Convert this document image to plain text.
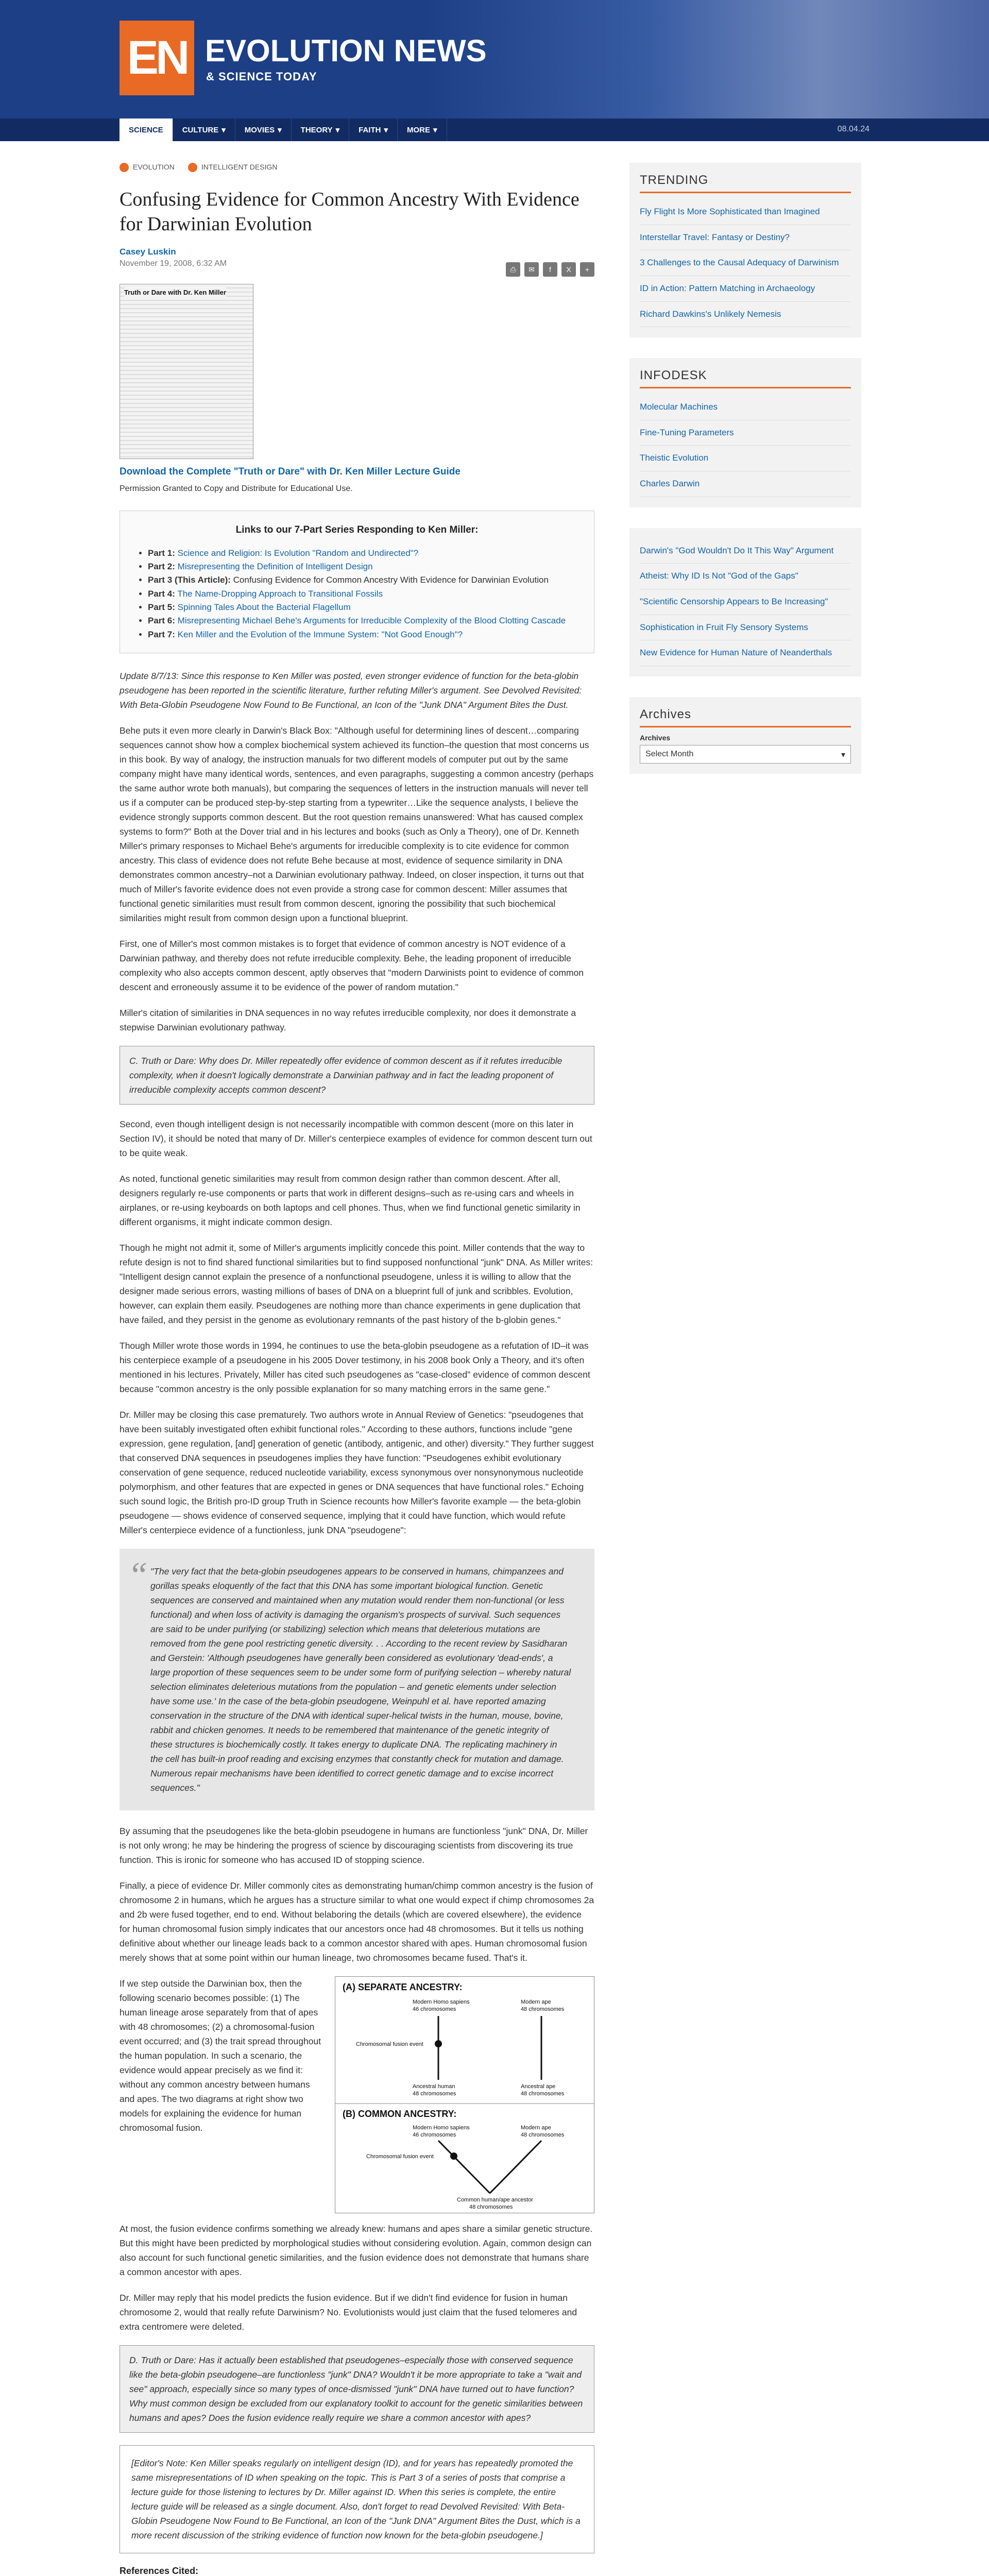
EN EVOLUTION NEWS
& SCIENCE TODAY
SCIENCE CULTURE ▾ MOVIES ▾ THEORY ▾ FAITH ▾ MORE ▾	08.04.24
EVOLUTION	INTELLIGENT DESIGN
Confusing Evidence for Common Ancestry With Evidence for Darwinian Evolution
Casey Luskin
November 19, 2008, 6:32 AM
⎙	✉	f	X	+
Truth or Dare with Dr. Ken Miller
Download the Complete "Truth or Dare" with Dr. Ken Miller Lecture Guide
Permission Granted to Copy and Distribute for Educational Use.
Links to our 7-Part Series Responding to Ken Miller:
• Part 1: Science and Religion: Is Evolution "Random and Undirected"?
• Part 2: Misrepresenting the Definition of Intelligent Design
• Part 3 (This Article): Confusing Evidence for Common Ancestry With Evidence for Darwinian Evolution
• Part 4: The Name-Dropping Approach to Transitional Fossils
• Part 5: Spinning Tales About the Bacterial Flagellum
• Part 6: Misrepresenting Michael Behe's Arguments for Irreducible Complexity of the Blood Clotting Cascade
• Part 7: Ken Miller and the Evolution of the Immune System: "Not Good Enough"?

Update 8/7/13: Since this response to Ken Miller was posted, even stronger evidence of function for the beta-globin pseudogene has been reported in the scientific literature, further refuting Miller's argument. See Devolved Revisited: With Beta-Globin Pseudogene Now Found to Be Functional, an Icon of the "Junk DNA" Argument Bites the Dust.

Behe puts it even more clearly in Darwin's Black Box: "Although useful for determining lines of descent…comparing sequences cannot show how a complex biochemical system achieved its function–the question that most concerns us in this book. By way of analogy, the instruction manuals for two different models of computer put out by the same company might have many identical words, sentences, and even paragraphs, suggesting a common ancestry (perhaps the same author wrote both manuals), but comparing the sequences of letters in the instruction manuals will never tell us if a computer can be produced step-by-step starting from a typewriter…Like the sequence analysts, I believe the evidence strongly supports common descent. But the root question remains unanswered: What has caused complex systems to form?" Both at the Dover trial and in his lectures and books (such as Only a Theory), one of Dr. Kenneth Miller's primary responses to Michael Behe's arguments for irreducible complexity is to cite evidence for common ancestry. This class of evidence does not refute Behe because at most, evidence of sequence similarity in DNA demonstrates common ancestry–not a Darwinian evolutionary pathway. Indeed, on closer inspection, it turns out that much of Miller's favorite evidence does not even provide a strong case for common descent: Miller assumes that functional genetic similarities must result from common descent, ignoring the possibility that such biochemical similarities might result from common design upon a functional blueprint.

First, one of Miller's most common mistakes is to forget that evidence of common ancestry is NOT evidence of a Darwinian pathway, and thereby does not refute irreducible complexity. Behe, the leading proponent of irreducible complexity who also accepts common descent, aptly observes that "modern Darwinists point to evidence of common descent and erroneously assume it to be evidence of the power of random mutation."

Miller's citation of similarities in DNA sequences in no way refutes irreducible complexity, nor does it demonstrate a stepwise Darwinian evolutionary pathway.

C. Truth or Dare: Why does Dr. Miller repeatedly offer evidence of common descent as if it refutes irreducible complexity, when it doesn't logically demonstrate a Darwinian pathway and in fact the leading proponent of irreducible complexity accepts common descent?

Second, even though intelligent design is not necessarily incompatible with common descent (more on this later in Section IV), it should be noted that many of Dr. Miller's centerpiece examples of evidence for common descent turn out to be quite weak.

As noted, functional genetic similarities may result from common design rather than common descent. After all, designers regularly re-use components or parts that work in different designs–such as re-using cars and wheels in airplanes, or re-using keyboards on both laptops and cell phones. Thus, when we find functional genetic similarity in different organisms, it might indicate common design.

Though he might not admit it, some of Miller's arguments implicitly concede this point. Miller contends that the way to refute design is not to find shared functional similarities but to find supposed nonfunctional "junk" DNA. As Miller writes: "Intelligent design cannot explain the presence of a nonfunctional pseudogene, unless it is willing to allow that the designer made serious errors, wasting millions of bases of DNA on a blueprint full of junk and scribbles. Evolution, however, can explain them easily. Pseudogenes are nothing more than chance experiments in gene duplication that have failed, and they persist in the genome as evolutionary remnants of the past history of the b-globin genes."

Though Miller wrote those words in 1994, he continues to use the beta-globin pseudogene as a refutation of ID–it was his centerpiece example of a pseudogene in his 2005 Dover testimony, in his 2008 book Only a Theory, and it's often mentioned in his lectures. Privately, Miller has cited such pseudogenes as "case-closed" evidence of common descent because "common ancestry is the only possible explanation for so many matching errors in the same gene."

Dr. Miller may be closing this case prematurely. Two authors wrote in Annual Review of Genetics: "pseudogenes that have been suitably investigated often exhibit functional roles." According to these authors, functions include "gene expression, gene regulation, [and] generation of genetic (antibody, antigenic, and other) diversity." They further suggest that conserved DNA sequences in pseudogenes implies they have function: "Pseudogenes exhibit evolutionary conservation of gene sequence, reduced nucleotide variability, excess synonymous over nonsynonymous nucleotide polymorphism, and other features that are expected in genes or DNA sequences that have functional roles." Echoing such sound logic, the British pro-ID group Truth in Science recounts how Miller's favorite example — the beta-globin pseudogene — shows evidence of conserved sequence, implying that it could have function, which would refute Miller's centerpiece evidence of a functionless, junk DNA "pseudogene":

“ "The very fact that the beta-globin pseudogenes appears to be conserved in humans, chimpanzees and gorillas speaks eloquently of the fact that this DNA has some important biological function. Genetic sequences are conserved and maintained when any mutation would render them non-functional (or less functional) and when loss of activity is damaging the organism's prospects of survival. Such sequences are said to be under purifying (or stabilizing) selection which means that deleterious mutations are removed from the gene pool restricting genetic diversity. . . According to the recent review by Sasidharan and Gerstein: 'Although pseudogenes have generally been considered as evolutionary 'dead-ends', a large proportion of these sequences seem to be under some form of purifying selection – whereby natural selection eliminates deleterious mutations from the population – and genetic elements under selection have some use.' In the case of the beta-globin pseudogene, Weinpuhl et al. have reported amazing conservation in the structure of the DNA with identical super-helical twists in the human, mouse, bovine, rabbit and chicken genomes. It needs to be remembered that maintenance of the genetic integrity of these structures is biochemically costly. It takes energy to duplicate DNA. The replicating machinery in the cell has built-in proof reading and excising enzymes that constantly check for mutation and damage. Numerous repair mechanisms have been identified to correct genetic damage and to excise incorrect sequences."

By assuming that the pseudogenes like the beta-globin pseudogene in humans are functionless "junk" DNA, Dr. Miller is not only wrong; he may be hindering the progress of science by discouraging scientists from discovering its true function. This is ironic for someone who has accused ID of stopping science.

Finally, a piece of evidence Dr. Miller commonly cites as demonstrating human/chimp common ancestry is the fusion of chromosome 2 in humans, which he argues has a structure similar to what one would expect if chimp chromosomes 2a and 2b were fused together, end to end. Without belaboring the details (which are covered elsewhere), the evidence for human chromosomal fusion simply indicates that our ancestors once had 48 chromosomes. But it tells us nothing definitive about whether our lineage leads back to a common ancestor shared with apes. Human chromosomal fusion merely shows that at some point within our human lineage, two chromosomes became fused. That's it.

(A) SEPARATE ANCESTRY:
Modern Homo sapiens
46 chromosomes
Modern ape
48 chromosomes
Chromosomal fusion event
Ancestral human
48 chromosomes
Ancestral ape
48 chromosomes
(B) COMMON ANCESTRY:
Modern Homo sapiens
46 chromosomes
Modern ape
48 chromosomes
Chromosomal fusion event
Common human/ape ancestor
48 chromosomes

If we step outside the Darwinian box, then the following scenario becomes possible: (1) The human lineage arose separately from that of apes with 48 chromosomes; (2) a chromosomal-fusion event occurred; and (3) the trait spread throughout the human population. In such a scenario, the evidence would appear precisely as we find it: without any common ancestry between humans and apes. The two diagrams at right show two models for explaining the evidence for human chromosomal fusion.

At most, the fusion evidence confirms something we already knew: humans and apes share a similar genetic structure. But this might have been predicted by morphological studies without considering evolution. Again, common design can also account for such functional genetic similarities, and the fusion evidence does not demonstrate that humans share a common ancestor with apes.

Dr. Miller may reply that his model predicts the fusion evidence. But if we didn't find evidence for fusion in human chromosome 2, would that really refute Darwinism? No. Evolutionists would just claim that the fused telomeres and extra centromere were deleted.

D. Truth or Dare: Has it actually been established that pseudogenes–especially those with conserved sequence like the beta-globin pseudogene–are functionless "junk" DNA? Wouldn't it be more appropriate to take a "wait and see" approach, especially since so many types of once-dismissed "junk" DNA have turned out to have function? Why must common design be excluded from our explanatory toolkit to account for the genetic similarities between humans and apes? Does the fusion evidence really require we share a common ancestor with apes?
[Editor's Note: Ken Miller speaks regularly on intelligent design (ID), and for years has repeatedly promoted the same misrepresentations of ID when speaking on the topic. This is Part 3 of a series of posts that comprise a lecture guide for those listening to lectures by Dr. Miller against ID. When this series is complete, the entire lecture guide will be released as a single document. Also, don't forget to read Devolved Revisited: With Beta-Globin Pseudogene Now Found to Be Functional, an Icon of the "Junk DNA" Argument Bites the Dust, which is a more recent discussion of the striking evidence of function now known for the beta-globin pseudogene.]
References Cited:

TRENDING
Fly Flight Is More Sophisticated than Imagined
Interstellar Travel: Fantasy or Destiny?
3 Challenges to the Causal Adequacy of Darwinism
ID in Action: Pattern Matching in Archaeology
Richard Dawkins's Unlikely Nemesis
INFODESK
Molecular Machines
Fine-Tuning Parameters
Theistic Evolution
Charles Darwin
Darwin's "God Wouldn't Do It This Way" Argument
Atheist: Why ID Is Not "God of the Gaps"
"Scientific Censorship Appears to Be Increasing"
Sophistication in Fruit Fly Sensory Systems
New Evidence for Human Nature of Neanderthals
Archives
Archives
Select Month	▾
